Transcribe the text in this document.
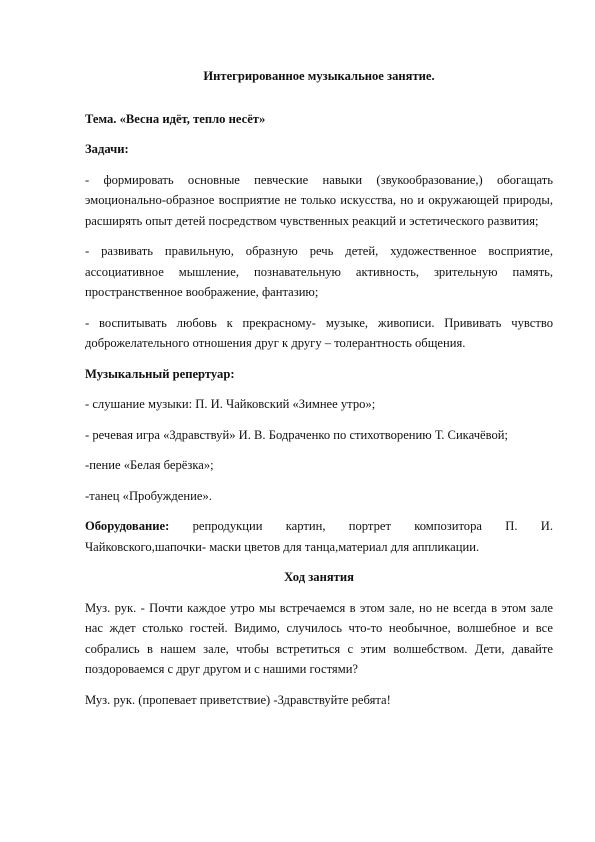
Интегрированное музыкальное занятие.
Тема. «Весна идёт, тепло несёт»
Задачи:

- формировать основные певческие навыки (звукообразование,) обогащать эмоционально-образное восприятие не только искусства, но и окружающей природы, расширять опыт детей посредством чувственных реакций и эстетического развития;

- развивать правильную, образную речь детей, художественное восприятие, ассоциативное мышление, познавательную активность, зрительную память, пространственное воображение, фантазию;

- воспитывать любовь к прекрасному- музыке, живописи. Прививать чувство доброжелательного отношения друг к другу – толерантность общения.

Музыкальный репертуар:

- слушание музыки: П. И. Чайковский «Зимнее утро»;

- речевая игра «Здравствуй» И. В. Бодраченко по стихотворению Т. Сикачёвой;

-пение «Белая берёзка»;

-танец «Пробуждение».

Оборудование: репродукции картин, портрет композитора П. И. Чайковского,шапочки- маски цветов для танца,материал для аппликации.

Ход занятия

Муз. рук. - Почти каждое утро мы встречаемся в этом зале, но не всегда в этом зале нас ждет столько гостей. Видимо, случилось что-то необычное, волшебное и все собрались в нашем зале, чтобы встретиться с этим волшебством. Дети, давайте поздороваемся с друг другом и с нашими гостями?

Муз. рук. (пропевает приветствие) -Здравствуйте ребята!
